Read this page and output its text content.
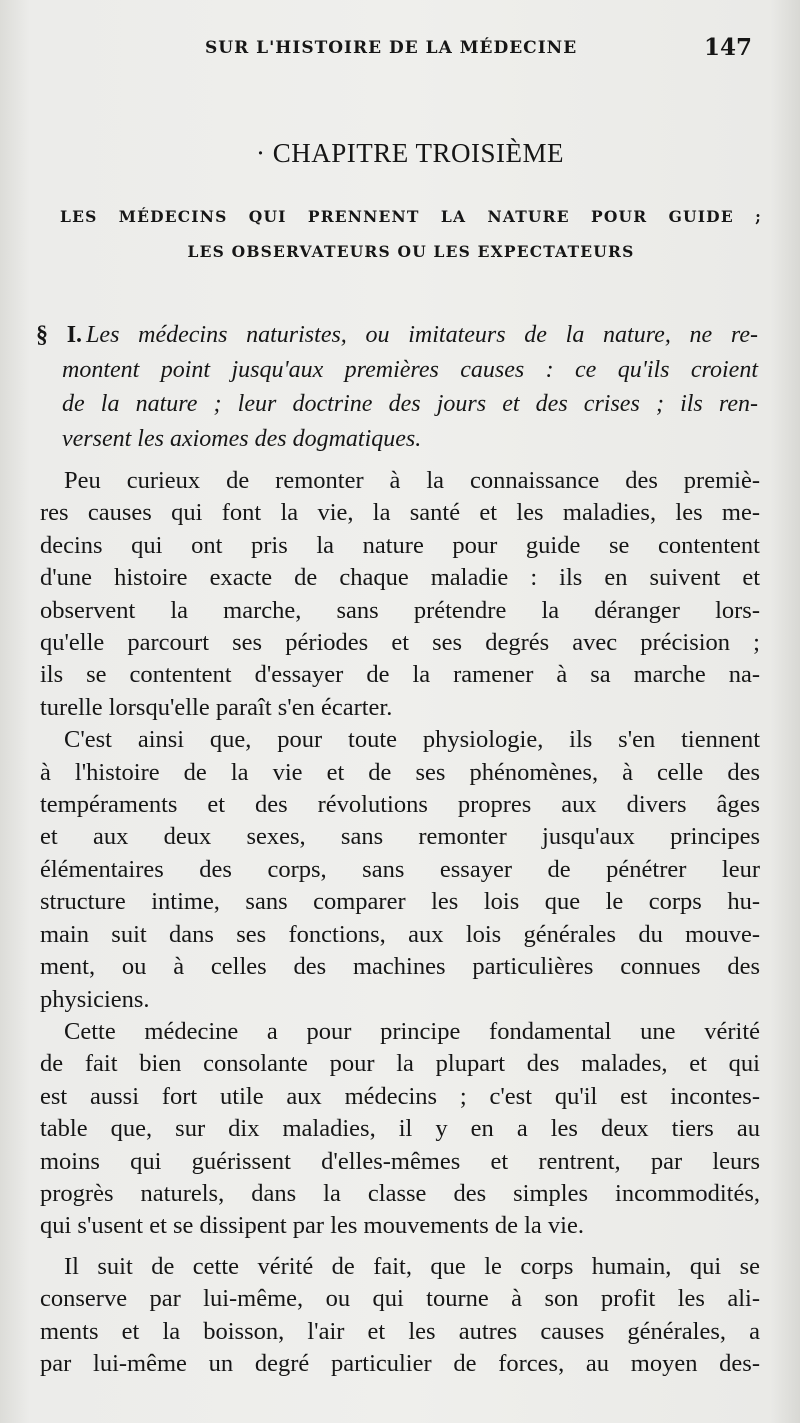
SUR L'HISTOIRE DE LA MÉDECINE	147
· CHAPITRE TROISIÈME
LES MÉDECINS QUI PRENNENT LA NATURE POUR GUIDE ;
LES OBSERVATEURS OU LES EXPECTATEURS
§ I. Les médecins naturistes, ou imitateurs de la nature, ne re-
montent point jusqu'aux premières causes : ce qu'ils croient
de la nature ; leur doctrine des jours et des crises ; ils ren-
versent les axiomes des dogmatiques.
Peu curieux de remonter à la connaissance des premiè-
res causes qui font la vie, la santé et les maladies, les me-
decins qui ont pris la nature pour guide se contentent
d'une histoire exacte de chaque maladie : ils en suivent et
observent la marche, sans prétendre la déranger lors-
qu'elle parcourt ses périodes et ses degrés avec précision ;
ils se contentent d'essayer de la ramener à sa marche na-
turelle lorsqu'elle paraît s'en écarter.
C'est ainsi que, pour toute physiologie, ils s'en tiennent
à l'histoire de la vie et de ses phénomènes, à celle des
tempéraments et des révolutions propres aux divers âges
et aux deux sexes, sans remonter jusqu'aux principes
élémentaires des corps, sans essayer de pénétrer leur
structure intime, sans comparer les lois que le corps hu-
main suit dans ses fonctions, aux lois générales du mouve-
ment, ou à celles des machines particulières connues des
physiciens.
Cette médecine a pour principe fondamental une vérité
de fait bien consolante pour la plupart des malades, et qui
est aussi fort utile aux médecins ; c'est qu'il est incontes-
table que, sur dix maladies, il y en a les deux tiers au
moins qui guérissent d'elles-mêmes et rentrent, par leurs
progrès naturels, dans la classe des simples incommodités,
qui s'usent et se dissipent par les mouvements de la vie.
Il suit de cette vérité de fait, que le corps humain, qui se
conserve par lui-même, ou qui tourne à son profit les ali-
ments et la boisson, l'air et les autres causes générales, a
par lui-même un degré particulier de forces, au moyen des-
